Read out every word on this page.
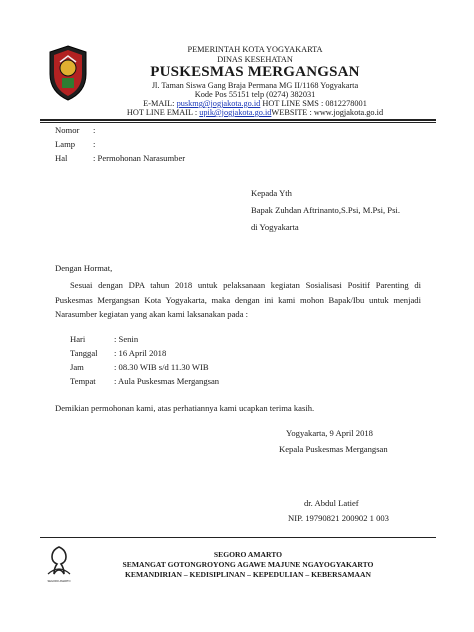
PEMERINTAH KOTA YOGYAKARTA
DINAS KESEHATAN
PUSKESMAS MERGANGSAN
Jl. Taman Siswa Gang Braja Permana MG II/1168 Yogyakarta
Kode Pos 55151 telp (0274) 382031
E-MAIL: puskmg@jogjakota.go.id HOT LINE SMS : 0812278001
HOT LINE EMAIL : upik@jogjakota.go.idWEBSITE : www.jogjakota.go.id
Nomor :
Lamp :
Hal	: Permohonan Narasumber
Kepada Yth
Bapak Zuhdan Aftrinanto,S.Psi, M.Psi, Psi.
di Yogyakarta
Dengan Hormat,
Sesuai dengan DPA tahun 2018 untuk pelaksanaan kegiatan Sosialisasi Positif Parenting di Puskesmas Mergangsan Kota Yogyakarta, maka dengan ini kami mohon Bapak/Ibu untuk menjadi Narasumber kegiatan yang akan kami laksanakan pada :
Hari	: Senin
Tanggal : 16 April 2018
Jam	: 08.30 WIB s/d 11.30 WIB
Tempat : Aula Puskesmas Mergangsan
Demikian permohonan kami, atas perhatiannya kami ucapkan terima kasih.
Yogyakarta, 9 April 2018
Kepala Puskesmas Mergangsan
dr. Abdul Latief
NIP. 19790821 200902 1 003
SEGORO AMARTO
SEGORO AMARTO
SEMANGAT GOTONGROYONG AGAWE MAJUNE NGAYOGYAKARTO
KEMANDIRIAN – KEDISIPLINAN – KEPEDULIAN – KEBERSAMAAN
